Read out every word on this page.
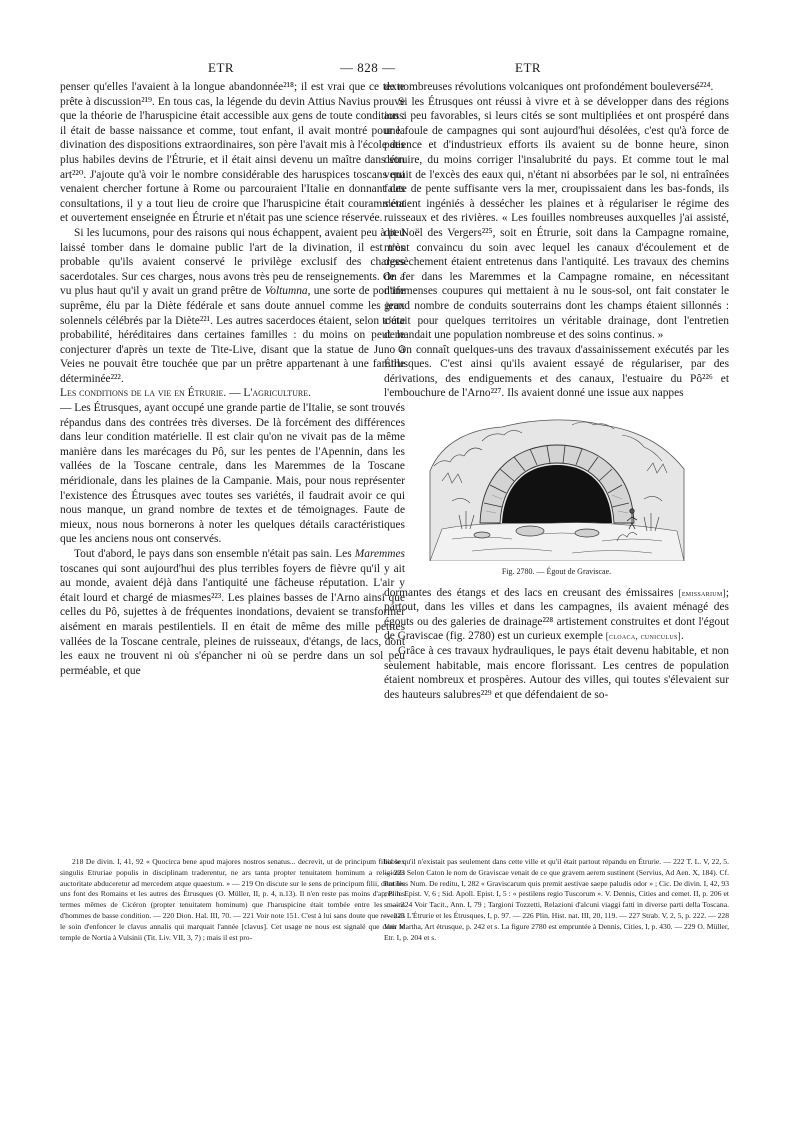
ETR	— 828 —	ETR

penser qu'elles l'avaient à la longue abandonnée²¹⁸; il est vrai que ce texte prête à discussion²¹⁹. En tous cas, la légende du devin Attius Navius prouve que la théorie de l'haruspicine était accessible aux gens de toute condition : il était de basse naissance et comme, tout enfant, il avait montré pour la divination des dispositions extraordinaires, son père l'avait mis à l'école des plus habiles devins de l'Étrurie, et il était ainsi devenu un maître dans son art²²⁰. J'ajoute qu'à voir le nombre considérable des haruspices toscans qui venaient chercher fortune à Rome ou parcouraient l'Italie en donnant des consultations, il y a tout lieu de croire que l'haruspicine était couramment et ouvertement enseignée en Étrurie et n'était pas une science réservée.

Si les lucumons, pour des raisons qui nous échappent, avaient peu à peu laissé tomber dans le domaine public l'art de la divination, il est très probable qu'ils avaient conservé le privilège exclusif des charges sacerdotales. Sur ces charges, nous avons très peu de renseignements. On a vu plus haut qu'il y avait un grand prêtre de Voltumna, une sorte de pontife suprême, élu par la Diète fédérale et sans doute annuel comme les jeux solennels célébrés par la Diète²²¹. Les autres sacerdoces étaient, selon toute probabilité, héréditaires dans certaines familles : du moins on peut le conjecturer d'après un texte de Tite-Live, disant que la statue de Juno à Veies ne pouvait être touchée que par un prêtre appartenant à une famille déterminée²²².

Les conditions de la vie en Étrurie. — L'agriculture.

— Les Étrusques, ayant occupé une grande partie de l'Italie, se sont trouvés répandus dans des contrées très diverses. De là forcément des différences dans leur condition matérielle. Il est clair qu'on ne vivait pas de la même manière dans les marécages du Pô, sur les pentes de l'Apennin, dans les vallées de la Toscane centrale, dans les Maremmes de la Toscane méridionale, dans les plaines de la Campanie. Mais, pour nous représenter l'existence des Étrusques avec toutes ses variétés, il faudrait avoir ce qui nous manque, un grand nombre de textes et de témoignages. Faute de mieux, nous nous bornerons à noter les quelques détails caractéristiques que les anciens nous ont conservés.

Tout d'abord, le pays dans son ensemble n'était pas sain. Les Maremmes toscanes qui sont aujourd'hui des plus terribles foyers de fièvre qu'il y ait au monde, avaient déjà dans l'antiquité une fâcheuse réputation. L'air y était lourd et chargé de miasmes²²³. Les plaines basses de l'Arno ainsi que celles du Pô, sujettes à de fréquentes inondations, devaient se transformer aisément en marais pestilentiels. Il en était de même des mille petites vallées de la Toscane centrale, pleines de ruisseaux, d'étangs, de lacs, dont les eaux ne trouvent ni où s'épancher ni où se perdre dans un sol peu perméable, et que

de nombreuses révolutions volcaniques ont profondément bouleversé²²⁴.

Si les Étrusques ont réussi à vivre et à se développer dans des régions aussi peu favorables, si leurs cités se sont multipliées et ont prospéré dans une foule de campagnes qui sont aujourd'hui désolées, c'est qu'à force de patience et d'industrieux efforts ils avaient su de bonne heure, sinon détruire, du moins corriger l'insalubrité du pays. Et comme tout le mal venait de l'excès des eaux qui, n'étant ni absorbées par le sol, ni entraînées faute de pente suffisante vers la mer, croupissaient dans les bas-fonds, ils s'étaient ingéniés à dessécher les plaines et à régulariser le régime des ruisseaux et des rivières. « Les fouilles nombreuses auxquelles j'ai assisté, dit Noël des Vergers²²⁵, soit en Étrurie, soit dans la Campagne romaine, m'ont convaincu du soin avec lequel les canaux d'écoulement et de dessèchement étaient entretenus dans l'antiquité. Les travaux des chemins de fer dans les Maremmes et la Campagne romaine, en nécessitant d'immenses coupures qui mettaient à nu le sous-sol, ont fait constater le grand nombre de conduits souterrains dont les champs étaient sillonnés : c'était pour quelques territoires un véritable drainage, dont l'entretien demandait une population nombreuse et des soins continus. »

On connaît quelques-uns des travaux d'assainissement exécutés par les Étrusques. C'est ainsi qu'ils avaient essayé de régulariser, par des dérivations, des endiguements et des canaux, l'estuaire du Pô²²⁶ et l'embouchure de l'Arno²²⁷. Ils avaient donné une issue aux nappes

Fig. 2780. — Égout de Graviscae.

dormantes des étangs et des lacs en creusant des émissaires [emissarium]; partout, dans les villes et dans les campagnes, ils avaient ménagé des égouts ou des galeries de drainage²²⁸ artistement construites et dont l'égout de Graviscae (fig. 2780) est un curieux exemple [cloaca, cuniculus].

Grâce à ces travaux hydrauliques, le pays était devenu habitable, et non seulement habitable, mais encore florissant. Les centres de population étaient nombreux et prospères. Autour des villes, qui toutes s'élevaient sur des hauteurs salubres²²⁹ et que défendaient de so-

218 De divin. I, 41, 92 « Quocirca bene apud majores nostros senatus... decrevit, ut de principum filiis sex singulis Etruriae populis in disciplinam traderentur, ne ars tanta propter tenuitatem hominum a religionis auctoritate abduceretur ad mercedem atque quaestum. » — 219 On discute sur le sens de principum filii, dont les uns font des Romains et les autres des Étrusques (O. Müller, II, p. 4, n.13). Il n'en reste pas moins d'après les termes mêmes de Cicéron (propter tenuitatem hominum) que l'haruspicine était tombée entre les mains d'hommes de basse condition. — 220 Dion. Hal. III, 70. — 221 Voir note 151. C'est à lui sans doute que revenait le soin d'enfoncer le clavus annalis qui marquait l'année [clavus]. Cet usage ne nous est signalé que dans le temple de Nortia à Vulsinii (Tit. Liv. VII, 3, 7) ; mais il est pro-

bable qu'il n'existait pas seulement dans cette ville et qu'il était partout répandu en Étrurie. — 222 T. L. V, 22, 5. — 223 Selon Caton le nom de Graviscae venait de ce que gravem aerem sustinent (Servius, Ad Aen. X, 184). Cf. Rutilius Num. De reditu, I, 282 « Graviscarum quis premit aestivae saepe paludis odor » ; Cic. De divin. I, 42, 93 ; Plin. Epist. V, 6 ; Sid. Apoll. Epist. I, 5 : « pestilens regio Tuscorum ». V. Dennis, Cities and cemet. II, p. 206 et s. — 224 Voir Tacit., Ann. I, 79 ; Targioni Tozzetti, Relazioni d'alcuni viaggi fatti in diverse parti della Toscana. — 225 L'Étrurie et les Étrusques, I, p. 97. — 226 Plin. Hist. nat. III, 20, 119. — 227 Strab. V, 2, 5, p. 222. — 228 Voir Martha, Art étrusque, p. 242 et s. La figure 2780 est empruntée à Dennis, Cities, I, p. 430. — 229 O. Müller, Etr. I, p. 204 et s.
